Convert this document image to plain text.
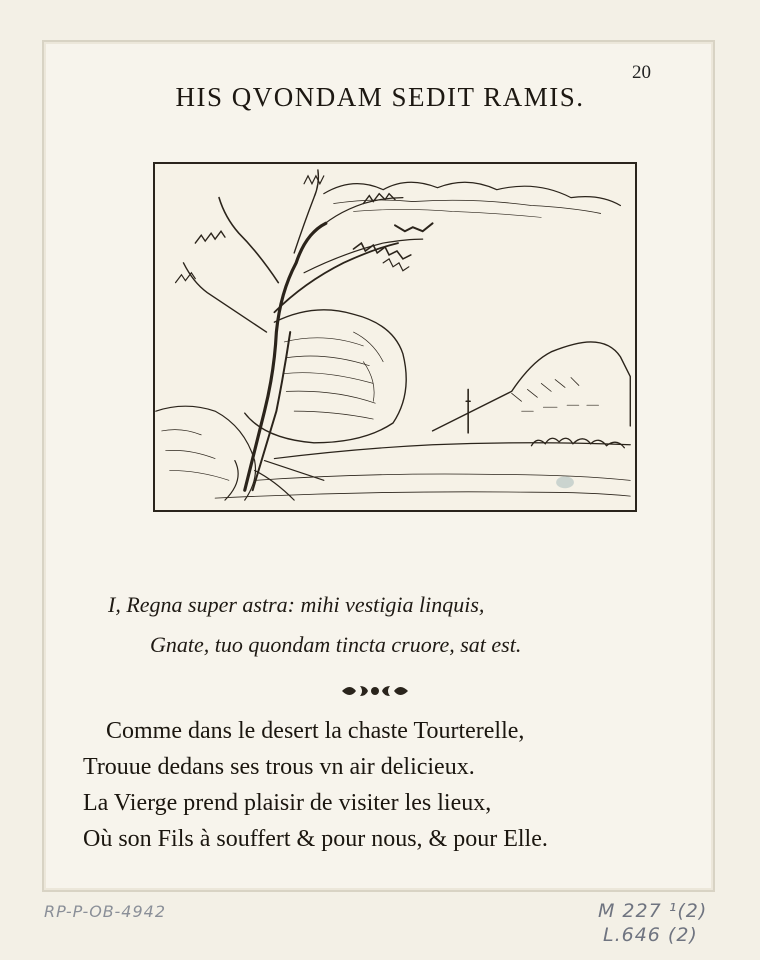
20
HIS QVONDAM SEDIT RAMIS.
I, Regna super astra: mihi vestigia linquis,
Gnate, tuo quondam tincta cruore, sat est.
Comme dans le desert la chaste Tourterelle,
Trouue dedans ses trous vn air delicieux.
La Vierge prend plaisir de visiter les lieux,
Où son Fils à souffert & pour nous, & pour Elle.
RP-P-OB-4942	M 227 ¹(2)
L.646 (2)
